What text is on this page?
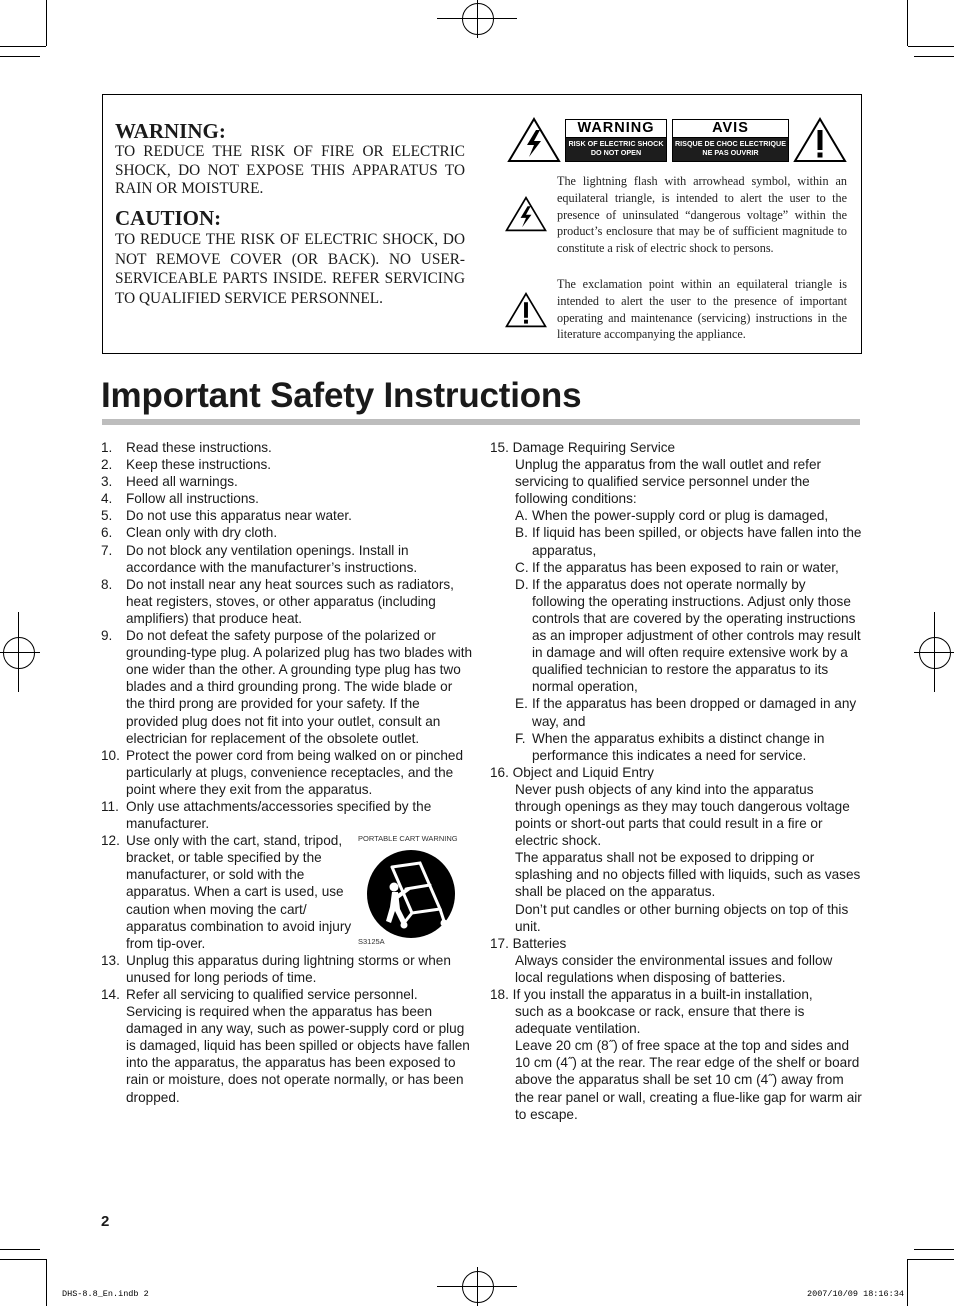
WARNING:
TO REDUCE THE RISK OF FIRE OR ELECTRIC SHOCK, DO NOT EXPOSE THIS APPARATUS TO RAIN OR MOISTURE.
CAUTION:
TO REDUCE THE RISK OF ELECTRIC SHOCK, DO NOT REMOVE COVER (OR BACK). NO USER-SERVICEABLE PARTS INSIDE. REFER SERVICING TO QUALIFIED SERVICE PERSONNEL.
WARNING
RISK OF ELECTRIC SHOCK DO NOT OPEN
AVIS
RISQUE DE CHOC ELECTRIQUE NE PAS OUVRIR
The lightning flash with arrowhead symbol, within an equilateral triangle, is intended to alert the user to the presence of uninsulated “dangerous voltage” within the product’s enclosure that may be of sufficient magnitude to constitute a risk of electric shock to persons.
The exclamation point within an equilateral triangle is intended to alert the user to the presence of important operating and maintenance (servicing) instructions in the literature accompanying the appliance.
Important Safety Instructions
1. Read these instructions.
2. Keep these instructions.
3. Heed all warnings.
4. Follow all instructions.
5. Do not use this apparatus near water.
6. Clean only with dry cloth.
7. Do not block any ventilation openings. Install in accordance with the manufacturer’s instructions.
8. Do not install near any heat sources such as radiators, heat registers, stoves, or other apparatus (including amplifiers) that produce heat.
9. Do not defeat the safety purpose of the polarized or grounding-type plug. A polarized plug has two blades with one wider than the other. A grounding type plug has two blades and a third grounding prong. The wide blade or the third prong are provided for your safety. If the provided plug does not fit into your outlet, consult an electrician for replacement of the obsolete outlet.
10. Protect the power cord from being walked on or pinched particularly at plugs, convenience receptacles, and the point where they exit from the apparatus.
11. Only use attachments/accessories specified by the manufacturer.
12. Use only with the cart, stand, tripod, bracket, or table specified by the manufacturer, or sold with the apparatus. When a cart is used, use caution when moving the cart/ apparatus combination to avoid injury from tip-over.
13. Unplug this apparatus during lightning storms or when unused for long periods of time.
14. Refer all servicing to qualified service personnel. Servicing is required when the apparatus has been damaged in any way, such as power-supply cord or plug is damaged, liquid has been spilled or objects have fallen into the apparatus, the apparatus has been exposed to rain or moisture, does not operate normally, or has been dropped.
PORTABLE CART WARNING
S3125A
15. Damage Requiring Service
Unplug the apparatus from the wall outlet and refer servicing to qualified service personnel under the following conditions:
A. When the power-supply cord or plug is damaged,
B. If liquid has been spilled, or objects have fallen into the apparatus,
C. If the apparatus has been exposed to rain or water,
D. If the apparatus does not operate normally by following the operating instructions. Adjust only those controls that are covered by the operating instructions as an improper adjustment of other controls may result in damage and will often require extensive work by a qualified technician to restore the apparatus to its normal operation,
E. If the apparatus has been dropped or damaged in any way, and
F. When the apparatus exhibits a distinct change in performance this indicates a need for service.
16. Object and Liquid Entry
Never push objects of any kind into the apparatus through openings as they may touch dangerous voltage points or short-out parts that could result in a fire or electric shock.
The apparatus shall not be exposed to dripping or splashing and no objects filled with liquids, such as vases shall be placed on the apparatus.
Don’t put candles or other burning objects on top of this unit.
17. Batteries
Always consider the environmental issues and follow local regulations when disposing of batteries.
18. If you install the apparatus in a built-in installation,
such as a bookcase or rack, ensure that there is adequate ventilation.
Leave 20 cm (8˝) of free space at the top and sides and 10 cm (4˝) at the rear. The rear edge of the shelf or board above the apparatus shall be set 10 cm (4˝) away from the rear panel or wall, creating a flue-like gap for warm air to escape.
2
DHS-8.8_En.indb 2	2007/10/09 18:16:34
